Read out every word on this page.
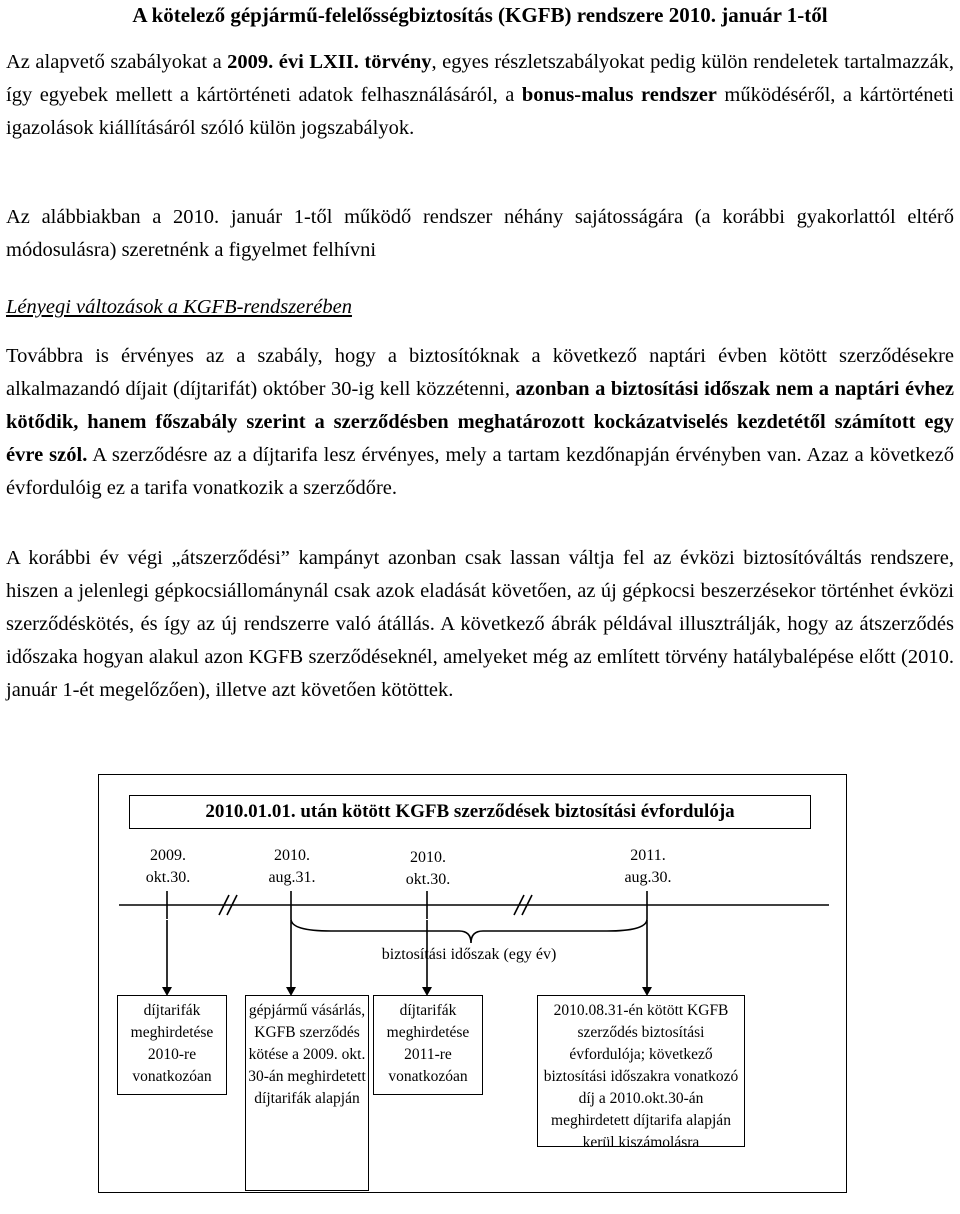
A kötelező gépjármű-felelősségbiztosítás (KGFB) rendszere 2010. január 1-től

Az alapvető szabályokat a 2009. évi LXII. törvény, egyes részletszabályokat pedig külön rendeletek tartalmazzák, így egyebek mellett a kártörténeti adatok felhasználásáról, a bonus-malus rendszer működéséről, a kártörténeti igazolások kiállításáról szóló külön jogszabályok.

Az alábbiakban a 2010. január 1-től működő rendszer néhány sajátosságára (a korábbi gyakorlattól eltérő módosulásra) szeretnénk a figyelmet felhívni

Lényegi változások a KGFB-rendszerében

Továbbra is érvényes az a szabály, hogy a biztosítóknak a következő naptári évben kötött szerződésekre alkalmazandó díjait (díjtarifát) október 30-ig kell közzétenni, azonban a biztosítási időszak nem a naptári évhez kötődik, hanem főszabály szerint a szerződésben meghatározott kockázatviselés kezdetétől számított egy évre szól. A szerződésre az a díjtarifa lesz érvényes, mely a tartam kezdőnapján érvényben van. Azaz a következő évfordulóig ez a tarifa vonatkozik a szerződőre.

A korábbi év végi „átszerződési” kampányt azonban csak lassan váltja fel az évközi biztosítóváltás rendszere, hiszen a jelenlegi gépkocsiállománynál csak azok eladását követően, az új gépkocsi beszerzésekor történhet évközi szerződéskötés, és így az új rendszerre való átállás. A következő ábrák példával illusztrálják, hogy az átszerződés időszaka hogyan alakul azon KGFB szerződéseknél, amelyeket még az említett törvény hatálybalépése előtt (2010. január 1-ét megelőzően), illetve azt követően kötöttek.

2010.01.01. után kötött KGFB szerződések biztosítási évfordulója
2009.
okt.30.
2010.
aug.31.
2010.
okt.30.
2011.
aug.30.
biztosítási időszak (egy év)
díjtarifák meghirdetése 2010-re vonatkozóan
gépjármű vásárlás, KGFB szerződés kötése a 2009. okt. 30-án meghirdetett díjtarifák alapján
díjtarifák meghirdetése 2011-re vonatkozóan
2010.08.31-én kötött KGFB szerződés biztosítási évfordulója; következő biztosítási időszakra vonatkozó díj a 2010.okt.30-án meghirdetett díjtarifa alapján kerül kiszámolásra
